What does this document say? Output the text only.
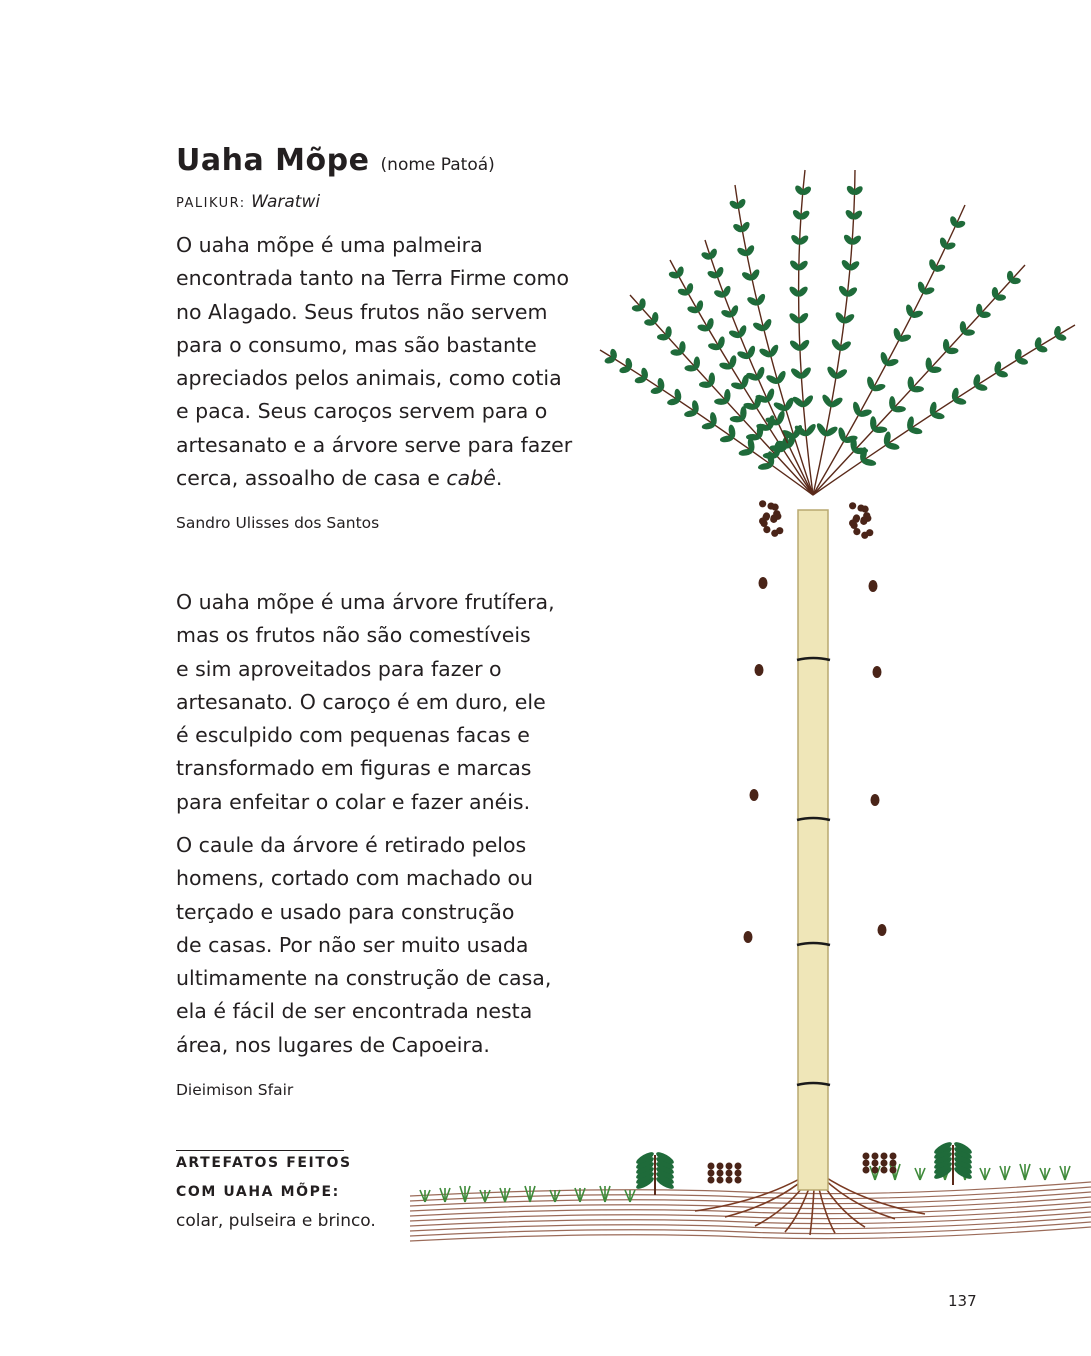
Uaha Mõpe (nome Patoá)
PALIKUR: Waratwi

O uaha mõpe é uma palmeira
encontrada tanto na Terra Firme como
no Alagado. Seus frutos não servem
para o consumo, mas são bastante
apreciados pelos animais, como cotia
e paca. Seus caroços servem para o
artesanato e a árvore serve para fazer
cerca, assoalho de casa e cabê.

Sandro Ulisses dos Santos

O uaha mõpe é uma árvore frutífera,
mas os frutos não são comestíveis
e sim aproveitados para fazer o
artesanato. O caroço é em duro, ele
é esculpido com pequenas facas e
transformado em figuras e marcas
para enfeitar o colar e fazer anéis.

O caule da árvore é retirado pelos
homens, cortado com machado ou
terçado e usado para construção
de casas. Por não ser muito usada
ultimamente na construção de casa,
ela é fácil de ser encontrada nesta
área, nos lugares de Capoeira.

Dieimison Sfair
ARTEFATOS FEITOS
COM UAHA MÕPE:
colar, pulseira e brinco.
137
